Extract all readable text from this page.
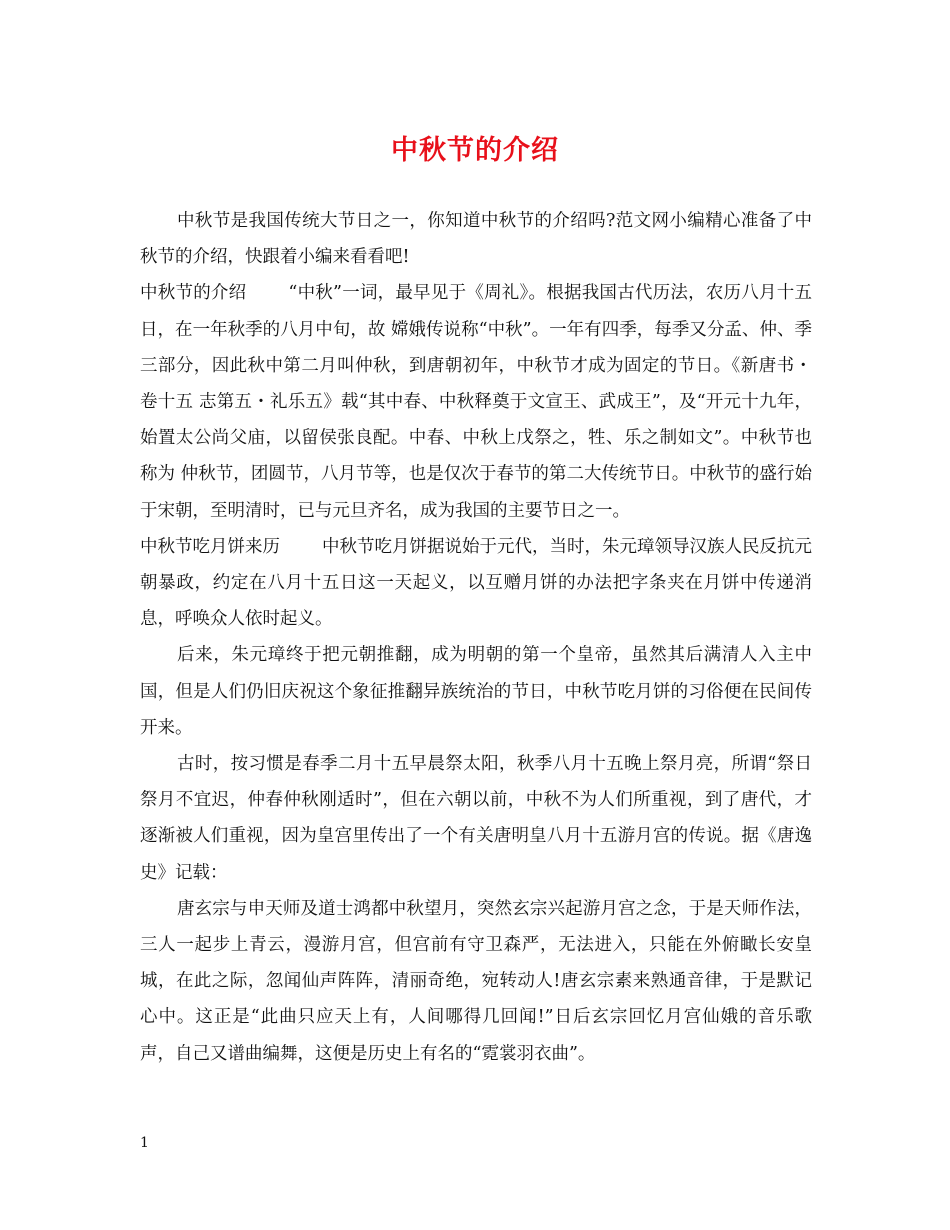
中秋节的介绍

中秋节是我国传统大节日之一，你知道中秋节的介绍吗?范文网小编精心准备了中秋节的介绍，快跟着小编来看看吧!

中秋节的介绍 “中秋”一词，最早见于《周礼》。根据我国古代历法，农历八月十五日，在一年秋季的八月中旬，故 嫦娥传说称“中秋”。一年有四季，每季又分孟、仲、季三部分，因此秋中第二月叫仲秋，到唐朝初年，中秋节才成为固定的节日。《新唐书・卷十五 志第五・礼乐五》载“其中春、中秋释奠于文宣王、武成王”，及“开元十九年，始置太公尚父庙，以留侯张良配。中春、中秋上戊祭之，牲、乐之制如文”。中秋节也称为 仲秋节，团圆节，八月节等，也是仅次于春节的第二大传统节日。中秋节的盛行始于宋朝，至明清时，已与元旦齐名，成为我国的主要节日之一。

中秋节吃月饼来历 中秋节吃月饼据说始于元代，当时，朱元璋领导汉族人民反抗元朝暴政，约定在八月十五日这一天起义，以互赠月饼的办法把字条夹在月饼中传递消息，呼唤众人依时起义。

后来，朱元璋终于把元朝推翻，成为明朝的第一个皇帝，虽然其后满清人入主中国，但是人们仍旧庆祝这个象征推翻异族统治的节日，中秋节吃月饼的习俗便在民间传开来。

古时，按习惯是春季二月十五早晨祭太阳，秋季八月十五晚上祭月亮，所谓“祭日祭月不宜迟，仲春仲秋刚适时”，但在六朝以前，中秋不为人们所重视，到了唐代，才逐渐被人们重视，因为皇宫里传出了一个有关唐明皇八月十五游月宫的传说。据《唐逸史》记载：

唐玄宗与申天师及道士鸿都中秋望月，突然玄宗兴起游月宫之念，于是天师作法，三人一起步上青云，漫游月宫，但宫前有守卫森严，无法进入，只能在外俯瞰长安皇城，在此之际，忽闻仙声阵阵，清丽奇绝，宛转动人!唐玄宗素来熟通音律，于是默记心中。这正是“此曲只应天上有，人间哪得几回闻!”日后玄宗回忆月宫仙娥的音乐歌声，自己又谱曲编舞，这便是历史上有名的“霓裳羽衣曲”。

1
